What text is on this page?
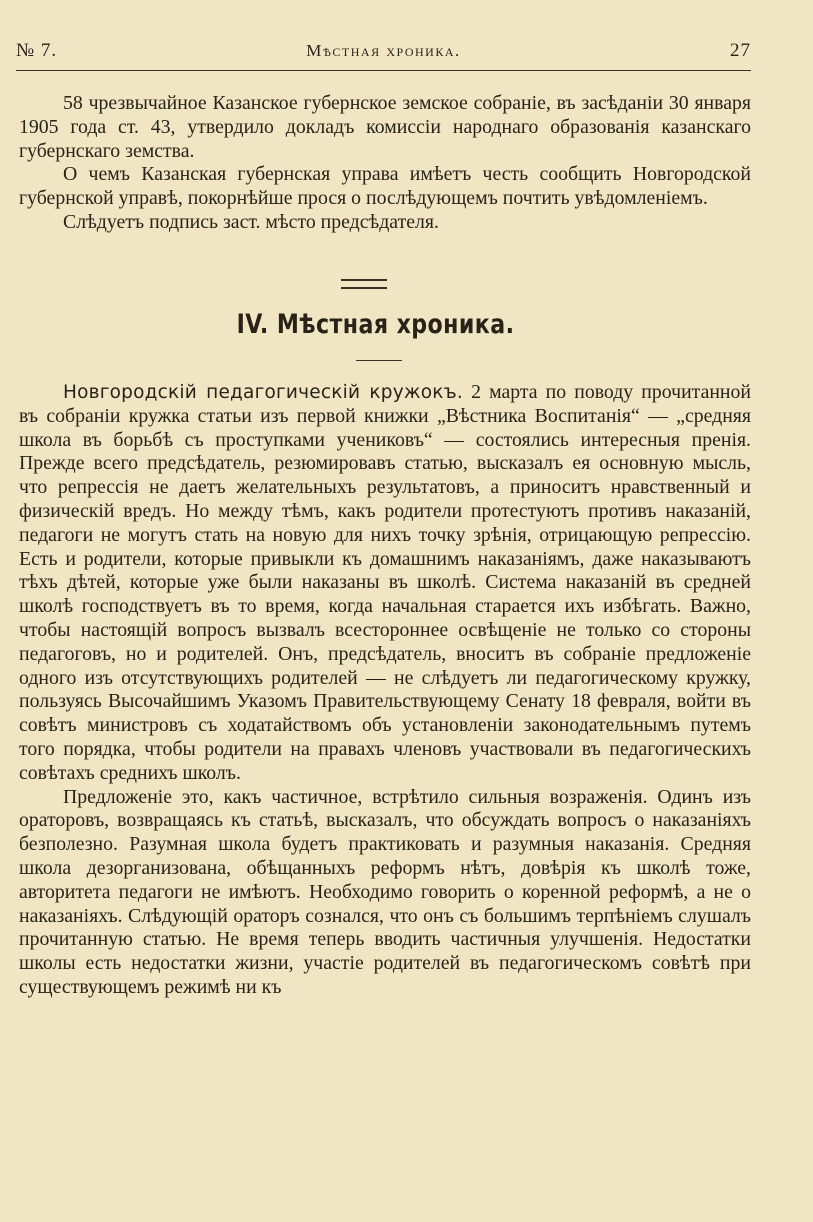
№ 7.	Мѣстная хроника.	27

58 чрезвычайное Казанское губернское земское собраніе, въ засѣданіи 30 января 1905 года ст. 43, утвердило докладъ комиссіи народнаго образованія казанскаго губернскаго земства.

О чемъ Казанская губернская управа имѣетъ честь сообщить Новгородской губернской управѣ, покорнѣйше прося о послѣдующемъ почтить увѣдомленіемъ.

Слѣдуетъ подпись заст. мѣсто предсѣдателя.

IV. Мѣстная хроника.

Новгородскій педагогическій кружокъ. 2 марта по поводу прочитанной въ собраніи кружка статьи изъ первой книжки „Вѣстника Воспитанія“ — „средняя школа въ борьбѣ съ проступками учениковъ“ — состоялись интересныя пренія. Прежде всего предсѣдатель, резюмировавъ статью, высказалъ ея основную мысль, что репрессія не даетъ желательныхъ результатовъ, а приноситъ нравственный и физическій вредъ. Но между тѣмъ, какъ родители протестуютъ противъ наказаній, педагоги не могутъ стать на новую для нихъ точку зрѣнія, отрицающую репрессію. Есть и родители, которые привыкли къ домашнимъ наказаніямъ, даже наказываютъ тѣхъ дѣтей, которые уже были наказаны въ школѣ. Система наказаній въ средней школѣ господствуетъ въ то время, когда начальная старается ихъ избѣгать. Важно, чтобы настоящій вопросъ вызвалъ всестороннее освѣщеніе не только со стороны педагоговъ, но и родителей. Онъ, предсѣдатель, вноситъ въ собраніе предложеніе одного изъ отсутствующихъ родителей — не слѣдуетъ ли педагогическому кружку, пользуясь Высочайшимъ Указомъ Правительствующему Сенату 18 февраля, войти въ совѣтъ министровъ съ ходатайствомъ объ установленіи законодательнымъ путемъ того порядка, чтобы родители на правахъ членовъ участвовали въ педагогическихъ совѣтахъ среднихъ школъ.

Предложеніе это, какъ частичное, встрѣтило сильныя возраженія. Одинъ изъ ораторовъ, возвращаясь къ статьѣ, высказалъ, что обсуждать вопросъ о наказаніяхъ безполезно. Разумная школа будетъ практиковать и разумныя наказанія. Средняя школа дезорганизована, обѣщанныхъ реформъ нѣтъ, довѣрія къ школѣ тоже, авторитета педагоги не имѣютъ. Необходимо говорить о коренной реформѣ, а не о наказаніяхъ. Слѣдующій ораторъ сознался, что онъ съ большимъ терпѣніемъ слушалъ прочитанную статью. Не время теперь вводить частичныя улучшенія. Недостатки школы есть недостатки жизни, участіе родителей въ педагогическомъ совѣтѣ при существующемъ режимѣ ни къ
